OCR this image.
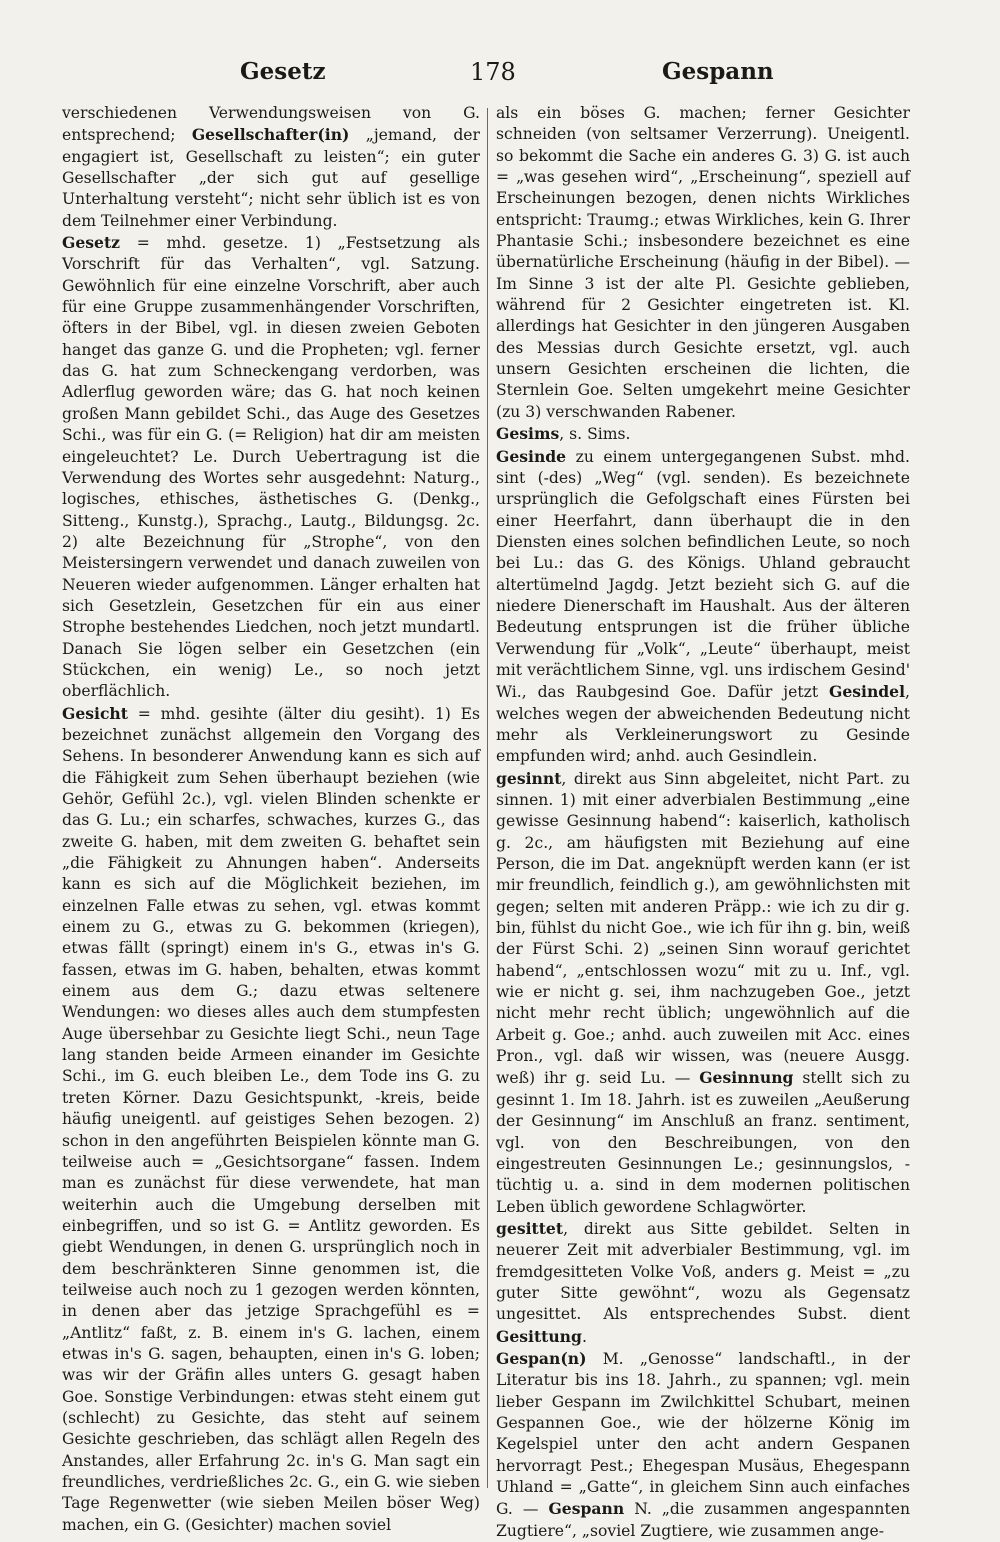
Gesetz	178	Gespann

verschiedenen Verwendungsweisen von G. entsprechend; Gesellschafter(in) „jemand, der engagiert ist, Gesellschaft zu leisten“; ein guter Gesellschafter „der sich gut auf gesellige Unterhaltung versteht“; nicht sehr üblich ist es von dem Teilnehmer einer Verbindung.

Gesetz = mhd. gesetze. 1) „Festsetzung als Vorschrift für das Verhalten“, vgl. Satzung. Gewöhnlich für eine einzelne Vorschrift, aber auch für eine Gruppe zusammenhängender Vorschriften, öfters in der Bibel, vgl. in diesen zweien Geboten hanget das ganze G. und die Propheten; vgl. ferner das G. hat zum Schneckengang verdorben, was Adlerflug geworden wäre; das G. hat noch keinen großen Mann gebildet Schi., das Auge des Gesetzes Schi., was für ein G. (= Religion) hat dir am meisten eingeleuchtet? Le. Durch Uebertragung ist die Verwendung des Wortes sehr ausgedehnt: Naturg., logisches, ethisches, ästhetisches G. (Denkg., Sitteng., Kunstg.), Sprachg., Lautg., Bildungsg. 2c. 2) alte Bezeichnung für „Strophe“, von den Meistersingern verwendet und danach zuweilen von Neueren wieder aufgenommen. Länger erhalten hat sich Gesetzlein, Gesetzchen für ein aus einer Strophe bestehendes Liedchen, noch jetzt mundartl. Danach Sie lögen selber ein Gesetzchen (ein Stückchen, ein wenig) Le., so noch jetzt oberflächlich.

Gesicht = mhd. gesihte (älter diu gesiht). 1) Es bezeichnet zunächst allgemein den Vorgang des Sehens. In besonderer Anwendung kann es sich auf die Fähigkeit zum Sehen überhaupt beziehen (wie Gehör, Gefühl 2c.), vgl. vielen Blinden schenkte er das G. Lu.; ein scharfes, schwaches, kurzes G., das zweite G. haben, mit dem zweiten G. behaftet sein „die Fähigkeit zu Ahnungen haben“. Anderseits kann es sich auf die Möglichkeit beziehen, im einzelnen Falle etwas zu sehen, vgl. etwas kommt einem zu G., etwas zu G. bekommen (kriegen), etwas fällt (springt) einem in's G., etwas in's G. fassen, etwas im G. haben, behalten, etwas kommt einem aus dem G.; dazu etwas seltenere Wendungen: wo dieses alles auch dem stumpfesten Auge übersehbar zu Gesichte liegt Schi., neun Tage lang standen beide Armeen einander im Gesichte Schi., im G. euch bleiben Le., dem Tode ins G. zu treten Körner. Dazu Gesichtspunkt, -kreis, beide häufig uneigentl. auf geistiges Sehen bezogen. 2) schon in den angeführten Beispielen könnte man G. teilweise auch = „Gesichtsorgane“ fassen. Indem man es zunächst für diese verwendete, hat man weiterhin auch die Umgebung derselben mit einbegriffen, und so ist G. = Antlitz geworden. Es giebt Wendungen, in denen G. ursprünglich noch in dem beschränkteren Sinne genommen ist, die teilweise auch noch zu 1 gezogen werden könnten, in denen aber das jetzige Sprachgefühl es = „Antlitz“ faßt, z. B. einem in's G. lachen, einem etwas in's G. sagen, behaupten, einen in's G. loben; was wir der Gräfin alles unters G. gesagt haben Goe. Sonstige Verbindungen: etwas steht einem gut (schlecht) zu Gesichte, das steht auf seinem Gesichte geschrieben, das schlägt allen Regeln des Anstandes, aller Erfahrung 2c. in's G. Man sagt ein freundliches, verdrießliches 2c. G., ein G. wie sieben Tage Regenwetter (wie sieben Meilen böser Weg) machen, ein G. (Gesichter) machen soviel

als ein böses G. machen; ferner Gesichter schneiden (von seltsamer Verzerrung). Uneigentl. so bekommt die Sache ein anderes G. 3) G. ist auch = „was gesehen wird“, „Erscheinung“, speziell auf Erscheinungen bezogen, denen nichts Wirkliches entspricht: Traumg.; etwas Wirkliches, kein G. Ihrer Phantasie Schi.; insbesondere bezeichnet es eine übernatürliche Erscheinung (häufig in der Bibel). — Im Sinne 3 ist der alte Pl. Gesichte geblieben, während für 2 Gesichter eingetreten ist. Kl. allerdings hat Gesichter in den jüngeren Ausgaben des Messias durch Gesichte ersetzt, vgl. auch unsern Gesichten erscheinen die lichten, die Sternlein Goe. Selten umgekehrt meine Gesichter (zu 3) verschwanden Rabener.

Gesims, s. Sims.

Gesinde zu einem untergegangenen Subst. mhd. sint (-des) „Weg“ (vgl. senden). Es bezeichnete ursprünglich die Gefolgschaft eines Fürsten bei einer Heerfahrt, dann überhaupt die in den Diensten eines solchen befindlichen Leute, so noch bei Lu.: das G. des Königs. Uhland gebraucht altertümelnd Jagdg. Jetzt bezieht sich G. auf die niedere Dienerschaft im Haushalt. Aus der älteren Bedeutung entsprungen ist die früher übliche Verwendung für „Volk“, „Leute“ überhaupt, meist mit verächtlichem Sinne, vgl. uns irdischem Gesind' Wi., das Raubgesind Goe. Dafür jetzt Gesindel, welches wegen der abweichenden Bedeutung nicht mehr als Verkleinerungswort zu Gesinde empfunden wird; anhd. auch Gesindlein.

gesinnt, direkt aus Sinn abgeleitet, nicht Part. zu sinnen. 1) mit einer adverbialen Bestimmung „eine gewisse Gesinnung habend“: kaiserlich, katholisch g. 2c., am häufigsten mit Beziehung auf eine Person, die im Dat. angeknüpft werden kann (er ist mir freundlich, feindlich g.), am gewöhnlichsten mit gegen; selten mit anderen Präpp.: wie ich zu dir g. bin, fühlst du nicht Goe., wie ich für ihn g. bin, weiß der Fürst Schi. 2) „seinen Sinn worauf gerichtet habend“, „entschlossen wozu“ mit zu u. Inf., vgl. wie er nicht g. sei, ihm nachzugeben Goe., jetzt nicht mehr recht üblich; ungewöhnlich auf die Arbeit g. Goe.; anhd. auch zuweilen mit Acc. eines Pron., vgl. daß wir wissen, was (neuere Ausgg. weß) ihr g. seid Lu. — Gesinnung stellt sich zu gesinnt 1. Im 18. Jahrh. ist es zuweilen „Aeußerung der Gesinnung“ im Anschluß an franz. sentiment, vgl. von den Beschreibungen, von den eingestreuten Gesinnungen Le.; gesinnungslos, -tüchtig u. a. sind in dem modernen politischen Leben üblich gewordene Schlagwörter.

gesittet, direkt aus Sitte gebildet. Selten in neuerer Zeit mit adverbialer Bestimmung, vgl. im fremdgesitteten Volke Voß, anders g. Meist = „zu guter Sitte gewöhnt“, wozu als Gegensatz ungesittet. Als entsprechendes Subst. dient Gesittung.

Gespan(n) M. „Genosse“ landschaftl., in der Literatur bis ins 18. Jahrh., zu spannen; vgl. mein lieber Gespann im Zwilchkittel Schubart, meinen Gespannen Goe., wie der hölzerne König im Kegelspiel unter den acht andern Gespanen hervorragt Pest.; Ehegespan Musäus, Ehegespann Uhland = „Gatte“, in gleichem Sinn auch einfaches G. — Gespann N. „die zusammen angespannten Zugtiere“, „soviel Zugtiere, wie zusammen ange-
